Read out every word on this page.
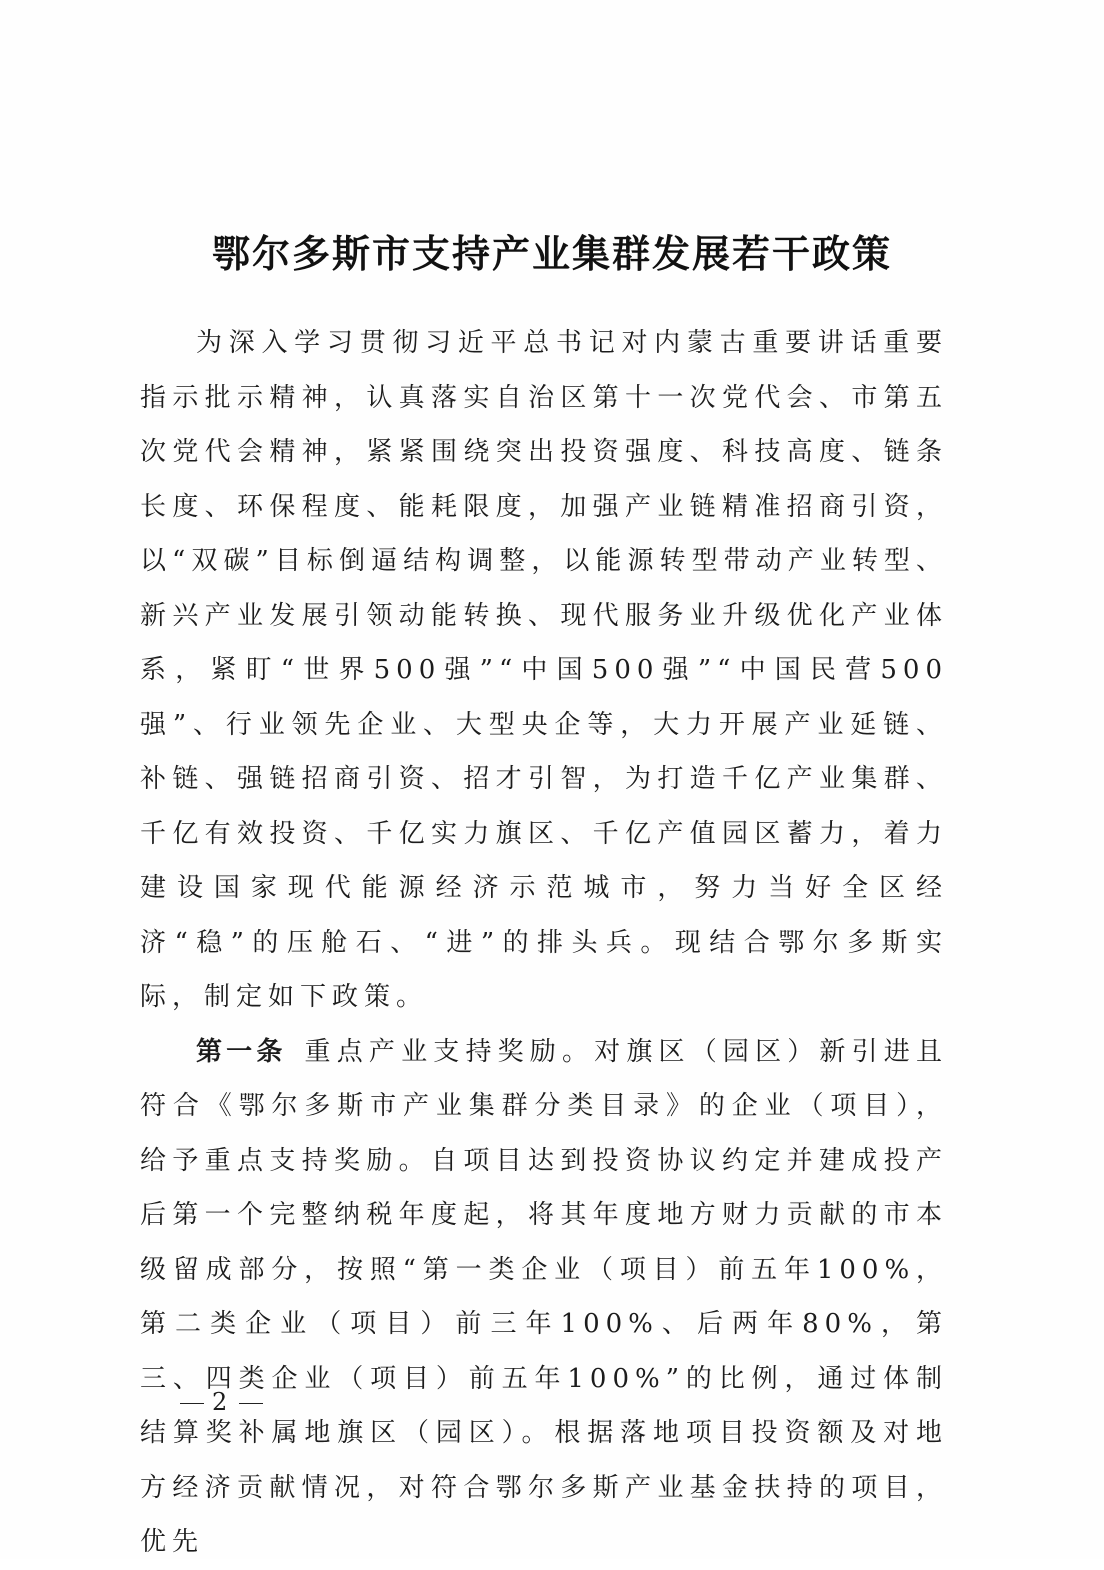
鄂尔多斯市支持产业集群发展若干政策

为深入学习贯彻习近平总书记对内蒙古重要讲话重要指示批示精神，认真落实自治区第十一次党代会、市第五次党代会精神，紧紧围绕突出投资强度、科技高度、链条长度、环保程度、能耗限度，加强产业链精准招商引资，以“双碳”目标倒逼结构调整，以能源转型带动产业转型、新兴产业发展引领动能转换、现代服务业升级优化产业体系，紧盯“世界500强”“中国500强”“中国民营500强”、行业领先企业、大型央企等，大力开展产业延链、补链、强链招商引资、招才引智，为打造千亿产业集群、千亿有效投资、千亿实力旗区、千亿产值园区蓄力，着力建设国家现代能源经济示范城市，努力当好全区经济“稳”的压舱石、“进”的排头兵。现结合鄂尔多斯实际，制定如下政策。

第一条 重点产业支持奖励。对旗区（园区）新引进且符合《鄂尔多斯市产业集群分类目录》的企业（项目），给予重点支持奖励。自项目达到投资协议约定并建成投产后第一个完整纳税年度起，将其年度地方财力贡献的市本级留成部分，按照“第一类企业（项目）前五年100%，第二类企业（项目）前三年100%、后两年80%，第三、四类企业（项目）前五年100%”的比例，通过体制结算奖补属地旗区（园区）。根据落地项目投资额及对地方经济贡献情况，对符合鄂尔多斯产业基金扶持的项目，优先

2
